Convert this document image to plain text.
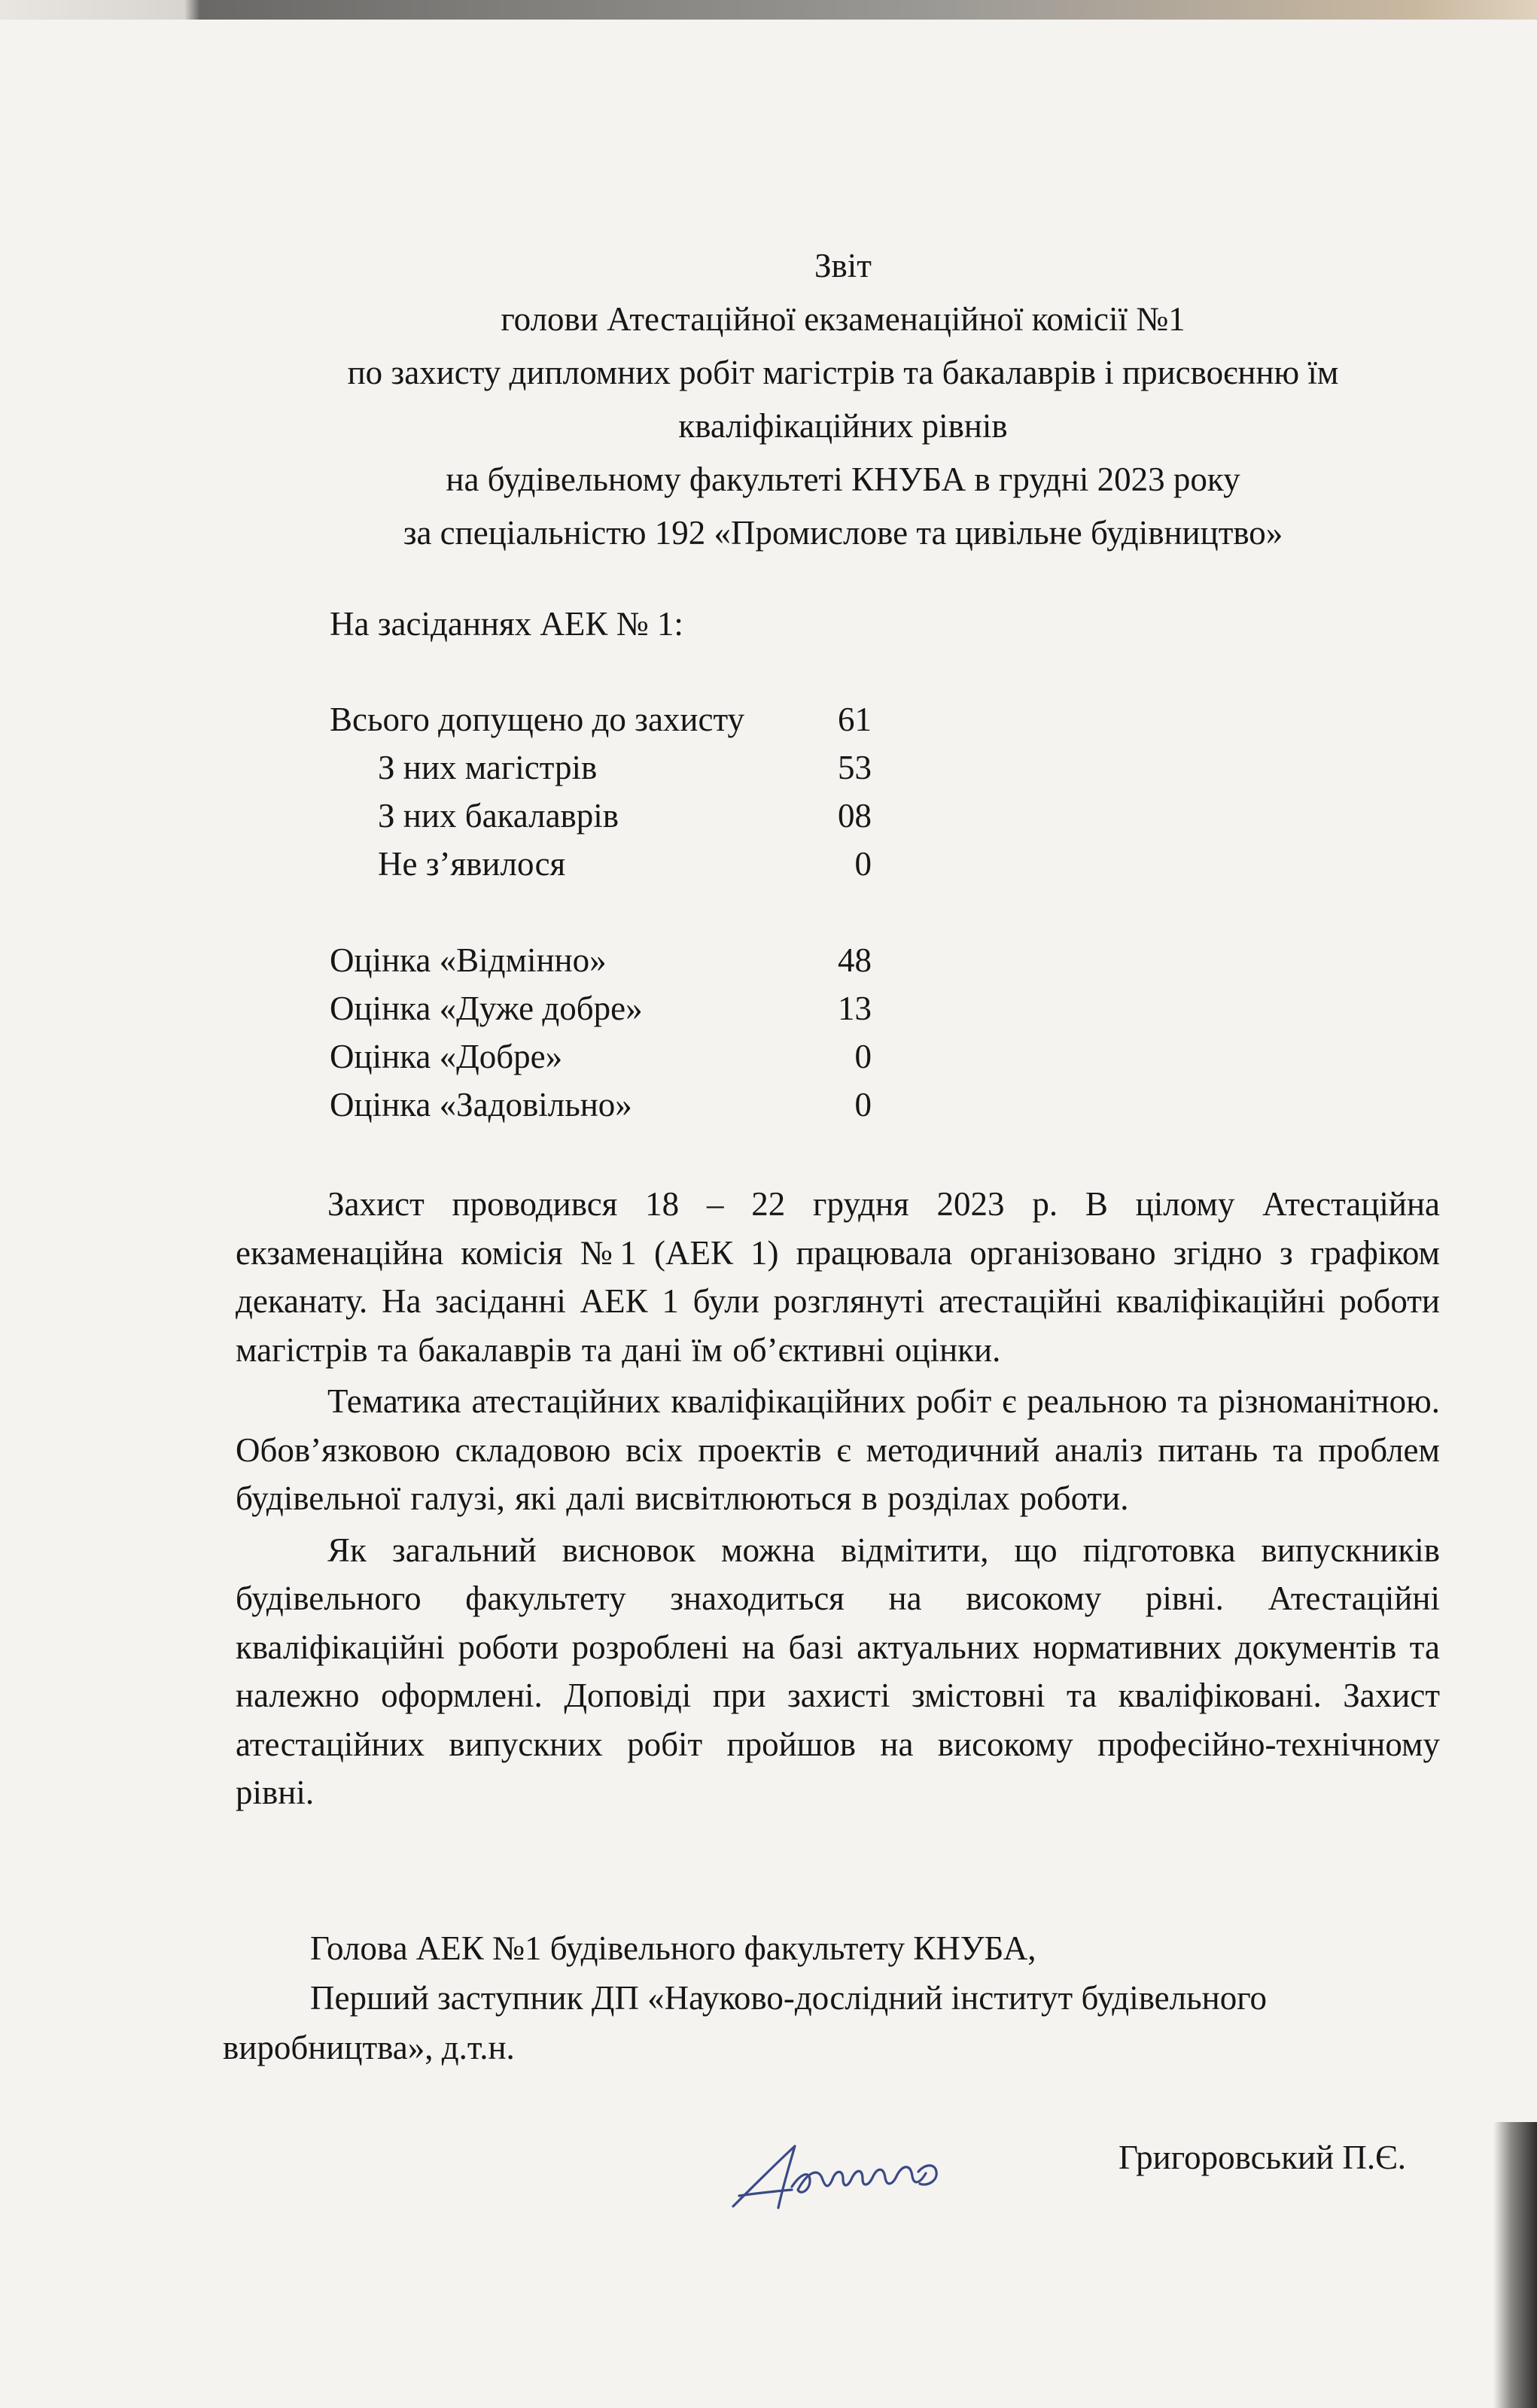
Звіт
голови Атестаційної екзаменаційної комісії №1
по захисту дипломних робіт магістрів та бакалаврів і присвоєнню їм
кваліфікаційних рівнів
на будівельному факультеті КНУБА в грудні 2023 року
за спеціальністю 192 «Промислове та цивільне будівництво»
На засіданнях АЕК № 1:
Всього допущено до захисту	61
З них магістрів	53
З них бакалаврів	08
Не з’явилося	0
Оцінка «Відмінно»	48
Оцінка «Дуже добре»	13
Оцінка «Добре»	0
Оцінка «Задовільно»	0

Захист проводився 18 – 22 грудня 2023 р. В цілому Атестаційна екзаменаційна комісія №1 (АЕК 1) працювала організовано згідно з графіком деканату. На засіданні АЕК 1 були розглянуті атестаційні кваліфікаційні роботи магістрів та бакалаврів та дані їм об’єктивні оцінки.

Тематика атестаційних кваліфікаційних робіт є реальною та різноманітною. Обов’язковою складовою всіх проектів є методичний аналіз питань та проблем будівельної галузі, які далі висвітлюються в розділах роботи.

Як загальний висновок можна відмітити, що підготовка випускників будівельного факультету знаходиться на високому рівні. Атестаційні кваліфікаційні роботи розроблені на базі актуальних нормативних документів та належно оформлені. Доповіді при захисті змістовні та кваліфіковані. Захист атестаційних випускних робіт пройшов на високому професійно-технічному рівні.

Голова АЕК №1 будівельного факультету КНУБА,
Перший заступник ДП «Науково-дослідний інститут будівельного
виробництва», д.т.н.
Григоровський П.Є.
